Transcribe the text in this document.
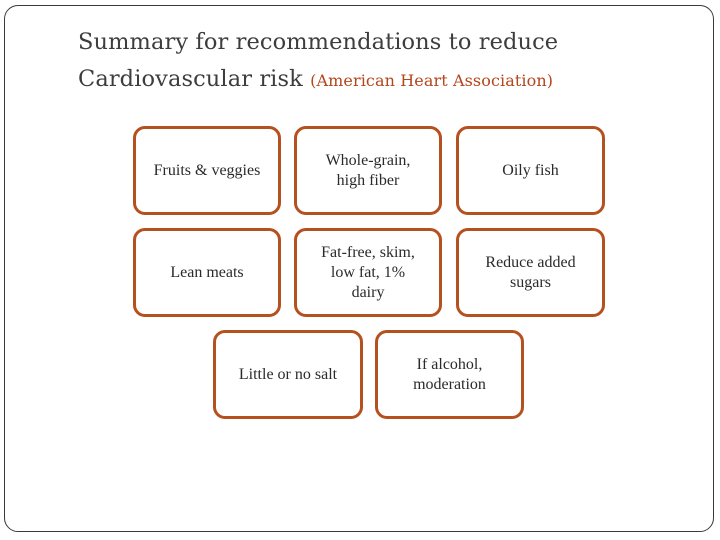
Summary for recommendations to reduce
Cardiovascular risk (American Heart Association)
Fruits & veggies
Whole-grain,
high fiber
Oily fish
Lean meats
Fat-free, skim,
low fat, 1%
dairy
Reduce added
sugars
Little or no salt
If alcohol,
moderation
